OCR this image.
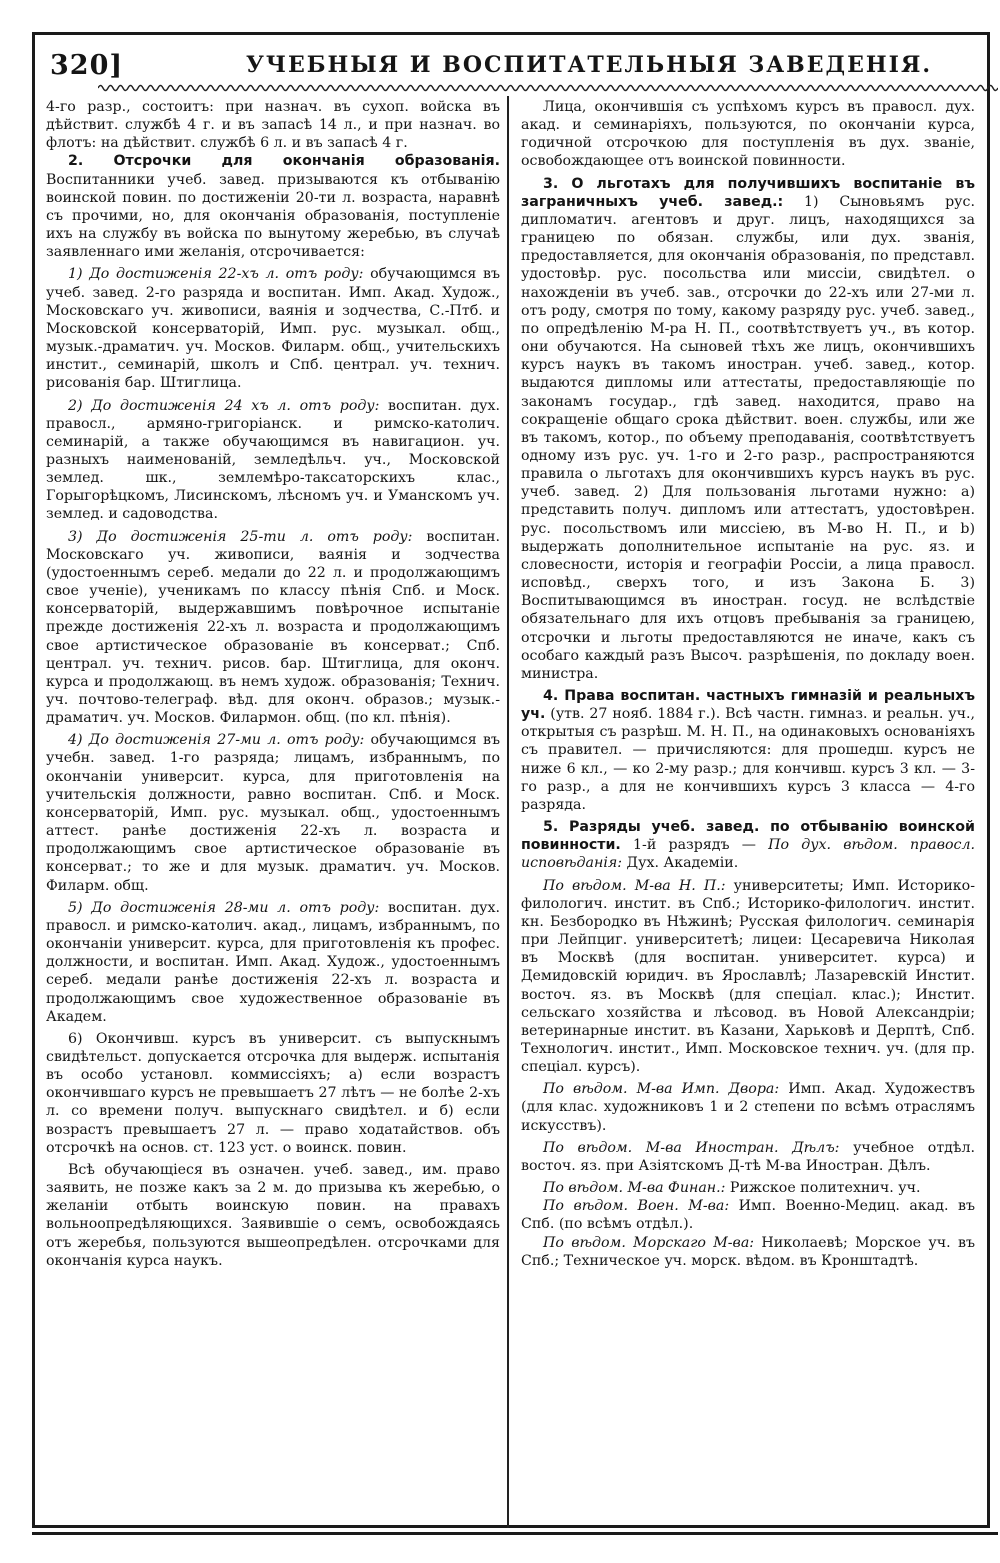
320]	УЧЕБНЫЯ И ВОСПИТАТЕЛЬНЫЯ ЗАВЕДЕНІЯ.

4-го разр., состоитъ: при назнач. въ сухоп. войска въ дѣйствит. службѣ 4 г. и въ запасѣ 14 л., и при назнач. во флотъ: на дѣйствит. службѣ 6 л. и въ запасѣ 4 г.

2. Отсрочки для окончанія образованія. Воспитанники учеб. завед. призываются къ отбыванію воинской повин. по достиженіи 20-ти л. возраста, наравнѣ съ прочими, но, для окончанія образованія, поступленіе ихъ на службу въ войска по вынутому жеребью, въ случаѣ заявленнаго ими желанія, отсрочивается:

1) До достиженія 22-хъ л. отъ роду: обучающимся въ учеб. завед. 2-го разряда и воспитан. Имп. Акад. Худож., Московскаго уч. живописи, ваянія и зодчества, С.-Птб. и Московской консерваторій, Имп. рус. музыкал. общ., музык.-драматич. уч. Москов. Филарм. общ., учительскихъ инстит., семинарій, школъ и Спб. централ. уч. технич. рисованія бар. Штиглица.

2) До достиженія 24 хъ л. отъ роду: воспитан. дух. правосл., армяно-григоріанск. и римско-католич. семинарій, а также обучающимся въ навигацион. уч. разныхъ наименованій, земледѣльч. уч., Московской землед. шк., землемѣро-таксаторскихъ клас., Горыгорѣцкомъ, Лисинскомъ, лѣсномъ уч. и Уманскомъ уч. землед. и садоводства.

3) До достиженія 25-ти л. отъ роду: воспитан. Московскаго уч. живописи, ваянія и зодчества (удостоеннымъ сереб. медали до 22 л. и продолжающимъ свое ученіе), ученикамъ по классу пѣнія Спб. и Моск. консерваторій, выдержавшимъ повѣрочное испытаніе прежде достиженія 22-хъ л. возраста и продолжающимъ свое артистическое образованіе въ консерват.; Спб. централ. уч. технич. рисов. бар. Штиглица, для оконч. курса и продолжающ. въ немъ худож. образованія; Технич. уч. почтово-телеграф. вѣд. для оконч. образов.; музык.-драматич. уч. Москов. Филармон. общ. (по кл. пѣнія).

4) До достиженія 27-ми л. отъ роду: обучающимся въ учебн. завед. 1-го разряда; лицамъ, избраннымъ, по окончаніи университ. курса, для приготовленія на учительскія должности, равно воспитан. Спб. и Моск. консерваторій, Имп. рус. музыкал. общ., удостоеннымъ аттест. ранѣе достиженія 22-хъ л. возраста и продолжающимъ свое артистическое образованіе въ консерват.; то же и для музык. драматич. уч. Москов. Филарм. общ.

5) До достиженія 28-ми л. отъ роду: воспитан. дух. правосл. и римско-католич. акад., лицамъ, избраннымъ, по окончаніи университ. курса, для приготовленія къ профес. должности, и воспитан. Имп. Акад. Худож., удостоеннымъ сереб. медали ранѣе достиженія 22-хъ л. возраста и продолжающимъ свое художественное образованіе въ Академ.

6) Окончивш. курсъ въ университ. съ выпускнымъ свидѣтельст. допускается отсрочка для выдерж. испытанія въ особо установл. коммиссіяхъ; а) если возрастъ окончившаго курсъ не превышаетъ 27 лѣтъ — не болѣе 2-хъ л. со времени получ. выпускнаго свидѣтел. и б) если возрастъ превышаетъ 27 л. — право ходатайствов. объ отсрочкѣ на оснoв. ст. 123 уст. о воинск. повин.

Всѣ обучающіеся въ означен. учеб. завед., им. право заявить, не позже какъ за 2 м. до призыва къ жеребью, о желаніи отбыть воинскую повин. на правахъ вольноопредѣляющихся. Заявившіе о семъ, освобождаясь отъ жеребья, пользуются вышеопредѣлен. отсрочками для окончанія курса наукъ.

Лица, окончившія съ успѣхомъ курсъ въ правосл. дух. акад. и семинаріяхъ, пользуются, по окончаніи курса, годичной отсрочкою для поступленія въ дух. званіе, освобождающее отъ воинской повинности.

3. О льготахъ для получившихъ воспитаніе въ заграничныхъ учеб. завед.: 1) Сыновьямъ рус. дипломатич. агентовъ и друг. лицъ, находящихся за границею по обязан. службы, или дух. званія, предоставляется, для окончанія образованія, по представл. удостовѣр. рус. посольства или миссіи, свидѣтел. о нахожденіи въ учеб. зав., отсрочки до 22-хъ или 27-ми л. отъ роду, смотря по тому, какому разряду рус. учеб. завед., по опредѣленію М-ра Н. П., соотвѣтствуетъ уч., въ котор. они обучаются. На сыновей тѣхъ же лицъ, окончившихъ курсъ наукъ въ такомъ иностран. учеб. завед., котор. выдаются дипломы или аттестаты, предоставляющіе по законамъ государ., гдѣ завед. находится, право на сокращеніе общаго срока дѣйствит. воен. службы, или же въ такомъ, котор., по объему преподаванія, соотвѣтствуетъ одному изъ рус. уч. 1-го и 2-го разр., распространяются правила о льготахъ для окончившихъ курсъ наукъ въ рус. учеб. завед. 2) Для пользованія льготами нужно: а) представить получ. дипломъ или аттестатъ, удостовѣрен. рус. посольствомъ или миссіею, въ М-во Н. П., и b) выдержать дополнительное испытаніе на рус. яз. и словесности, исторія и географіи Россіи, а лица правосл. исповѣд., сверхъ того, и изъ Закона Б. 3) Воспитывающимся въ иностран. госуд. не вслѣдствіе обязательнаго для ихъ отцовъ пребыванія за границею, отсрочки и льготы предоставляются не иначе, какъ съ особаго каждый разъ Высоч. разрѣшенія, по докладу воен. министра.

4. Права воспитан. частныхъ гимназій и реальныхъ уч. (утв. 27 нояб. 1884 г.). Всѣ частн. гимназ. и реальн. уч., открытыя съ разрѣш. М. Н. П., на одинаковыхъ основаніяхъ съ правител. — причисляются: для прошедш. курсъ не ниже 6 кл., — ко 2-му разр.; для кончивш. курсъ 3 кл. — 3-го разр., а для не кончившихъ курсъ 3 класса — 4-го разряда.

5. Разряды учеб. завед. по отбыванію воинской повинности. 1-й разрядъ — По дух. вѣдом. правосл. исповѣданія: Дух. Академіи.

По вѣдом. М-ва Н. П.: университеты; Имп. Историко-филологич. инстит. въ Спб.; Историко-филологич. инстит. кн. Безбородко въ Нѣжинѣ; Русская филологич. семинарія при Лейпциг. университетѣ; лицеи: Цесаревича Николая въ Москвѣ (для воспитан. университет. курса) и Демидовскій юридич. въ Ярославлѣ; Лазаревскій Инстит. восточ. яз. въ Москвѣ (для спеціал. клас.); Инстит. сельскаго хозяйства и лѣсовод. въ Новой Александріи; ветеринарные инстит. въ Казани, Харьковѣ и Дерптѣ, Спб. Технологич. инстит., Имп. Московское технич. уч. (для пр. спеціал. курсъ).

По вѣдом. М-ва Имп. Двора: Имп. Акад. Художествъ (для клас. художниковъ 1 и 2 степени по всѣмъ отраслямъ искусствъ).

По вѣдом. М-ва Иностран. Дѣлъ: учебное отдѣл. восточ. яз. при Азіятскомъ Д-тѣ М-ва Иностран. Дѣлъ.

По вѣдом. М-ва Финан.: Рижское политехнич. уч.

По вѣдом. Воен. М-ва: Имп. Военно-Медиц. акад. въ Спб. (по всѣмъ отдѣл.).

По вѣдом. Морскаго М-ва: Николаевѣ; Морское уч. въ Спб.; Техническое уч. морск. вѣдом. въ Кронштадтѣ.
